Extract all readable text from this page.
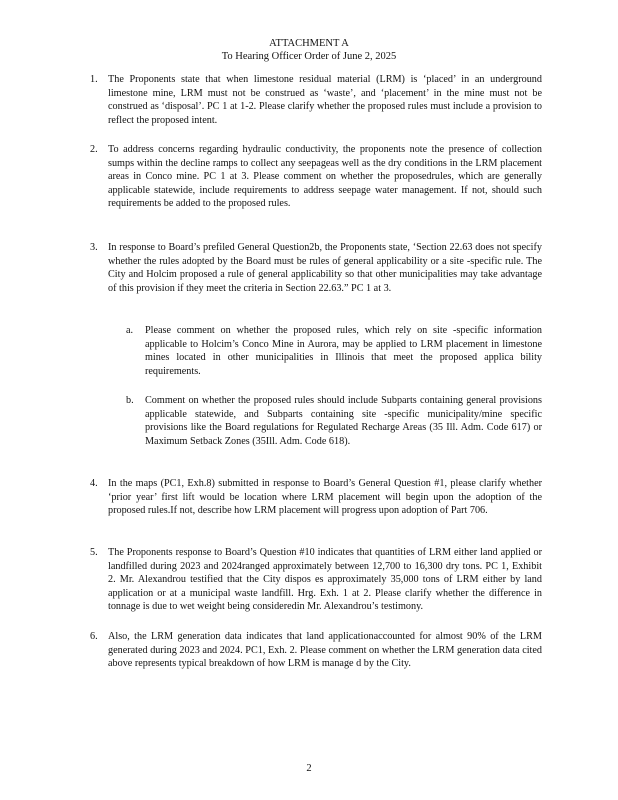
ATTACHMENT A
To Hearing Officer Order of June 2, 2025
1.	The Proponents state that when limestone residual material (LRM) is ‘placed’ in an underground limestone mine, LRM must not be construed as ‘waste’, and ‘placement’ in the mine must not be construed as ‘disposal’. PC 1 at 1-2. Please clarify whether the proposed rules must include a provision to reflect the proposed intent.
2.	To address concerns regarding hydraulic conductivity, the proponents note the presence of collection sumps within the decline ramps to collect any seepageas well as the dry conditions in the LRM placement areas in Conco mine. PC 1 at 3. Please comment on whether the proposedrules, which are generally applicable statewide, include requirements to address seepage water management. If not, should such requirements be added to the proposed rules.
3.	In response to Board’s prefiled General Question2b, the Proponents state, ‘Section 22.63 does not specify whether the rules adopted by the Board must be rules of general applicability or a site -specific rule. The City and Holcim proposed a rule of general applicability so that other municipalities may take advantage of this provision if they meet the criteria in Section 22.63.” PC 1 at 3.
a.	Please comment on whether the proposed rules, which rely on site -specific information applicable to Holcim’s Conco Mine in Aurora, may be applied to LRM placement in limestone mines located in other municipalities in Illinois that meet the proposed applica bility requirements.
b.	Comment on whether the proposed rules should include Subparts containing general provisions applicable statewide, and Subparts containing site -specific municipality/mine specific provisions like the Board regulations for Regulated Recharge Areas (35 Ill. Adm. Code 617) or Maximum Setback Zones (35Ill. Adm. Code 618).
4.	In the maps (PC1, Exh.8) submitted in response to Board’s General Question #1, please clarify whether ‘prior year’ first lift would be location where LRM placement will begin upon the adoption of the proposed rules.If not, describe how LRM placement will progress upon adoption of Part 706.
5.	The Proponents response to Board’s Question #10 indicates that quantities of LRM either land applied or landfilled during 2023 and 2024ranged approximately between 12,700 to 16,300 dry tons. PC 1, Exhibit 2. Mr. Alexandrou testified that the City dispos es approximately 35,000 tons of LRM either by land application or at a municipal waste landfill. Hrg. Exh. 1 at 2. Please clarify whether the difference in tonnage is due to wet weight being consideredin Mr. Alexandrou’s testimony.
6.	Also, the LRM generation data indicates that land applicationaccounted for almost 90% of the LRM generated during 2023 and 2024. PC1, Exh. 2. Please comment on whether the LRM generation data cited above represents typical breakdown of how LRM is manage d by the City.
2
